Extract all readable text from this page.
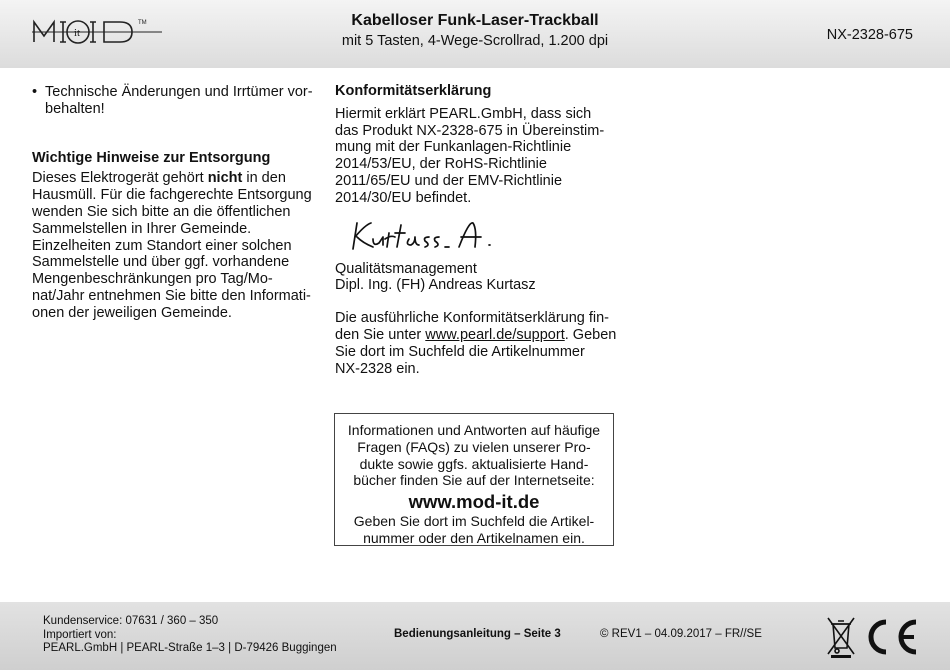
it
TM	Kabelloser Funk-Laser-Trackball
mit 5 Tasten, 4-Wege-Scrollrad, 1.200 dpi	NX-2328-675
• Technische Änderungen und Irrtümer vor-
behalten!

Wichtige Hinweise zur Entsorgung

Dieses Elektrogerät gehört nicht in den
Hausmüll. Für die fachgerechte Entsorgung
wenden Sie sich bitte an die öffentlichen
Sammelstellen in Ihrer Gemeinde.
Einzelheiten zum Standort einer solchen
Sammelstelle und über ggf. vorhandene
Mengenbeschränkungen pro Tag/Mo-
nat/Jahr entnehmen Sie bitte den Informati-
onen der jeweiligen Gemeinde.

Konformitätserklärung

Hiermit erklärt PEARL.GmbH, dass sich
das Produkt NX-2328-675 in Übereinstim-
mung mit der Funkanlagen-Richtlinie
2014/53/EU, der RoHS-Richtlinie
2011/65/EU und der EMV-Richtlinie
2014/30/EU befindet.

Qualitätsmanagement

Dipl. Ing. (FH) Andreas Kurtasz

Die ausführliche Konformitätserklärung fin-
den Sie unter www.pearl.de/support. Geben
Sie dort im Suchfeld die Artikelnummer
NX-2328 ein.

Informationen und Antworten auf häufige
Fragen (FAQs) zu vielen unserer Pro-
dukte sowie ggfs. aktualisierte Hand-
bücher finden Sie auf der Internetseite:

www.mod-it.de

Geben Sie dort im Suchfeld die Artikel-
nummer oder den Artikelnamen ein.
Kundenservice: 07631 / 360 – 350
Importiert von:
PEARL.GmbH | PEARL-Straße 1–3 | D-79426 Buggingen
Bedienungsanleitung – Seite 3	© REV1 – 04.09.2017 – FR//SE
